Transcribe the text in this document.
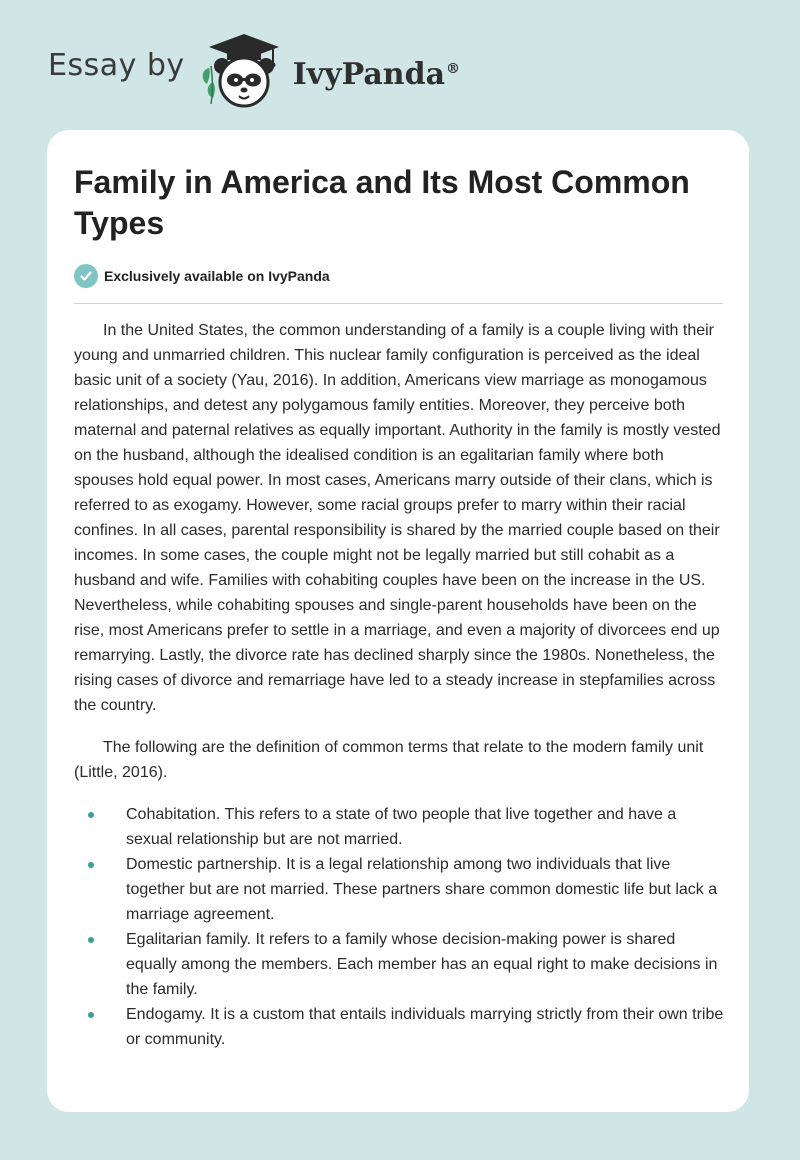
Essay by	IvyPanda®
Family in America and Its Most Common Types
Exclusively available on IvyPanda

In the United States, the common understanding of a family is a couple living with their young and unmarried children. This nuclear family configuration is perceived as the ideal basic unit of a society (Yau, 2016). In addition, Americans view marriage as monogamous relationships, and detest any polygamous family entities. Moreover, they perceive both maternal and paternal relatives as equally important. Authority in the family is mostly vested on the husband, although the idealised condition is an egalitarian family where both spouses hold equal power. In most cases, Americans marry outside of their clans, which is referred to as exogamy. However, some racial groups prefer to marry within their racial confines. In all cases, parental responsibility is shared by the married couple based on their incomes. In some cases, the couple might not be legally married but still cohabit as a husband and wife. Families with cohabiting couples have been on the increase in the US. Nevertheless, while cohabiting spouses and single-parent households have been on the rise, most Americans prefer to settle in a marriage, and even a majority of divorcees end up remarrying. Lastly, the divorce rate has declined sharply since the 1980s. Nonetheless, the rising cases of divorce and remarriage have led to a steady increase in stepfamilies across the country.

The following are the definition of common terms that relate to the modern family unit (Little, 2016).

Cohabitation. This refers to a state of two people that live together and have a sexual relationship but are not married.
Domestic partnership. It is a legal relationship among two individuals that live together but are not married. These partners share common domestic life but lack a marriage agreement.
Egalitarian family. It refers to a family whose decision-making power is shared equally among the members. Each member has an equal right to make decisions in the family.
Endogamy. It is a custom that entails individuals marrying strictly from their own tribe or community.
